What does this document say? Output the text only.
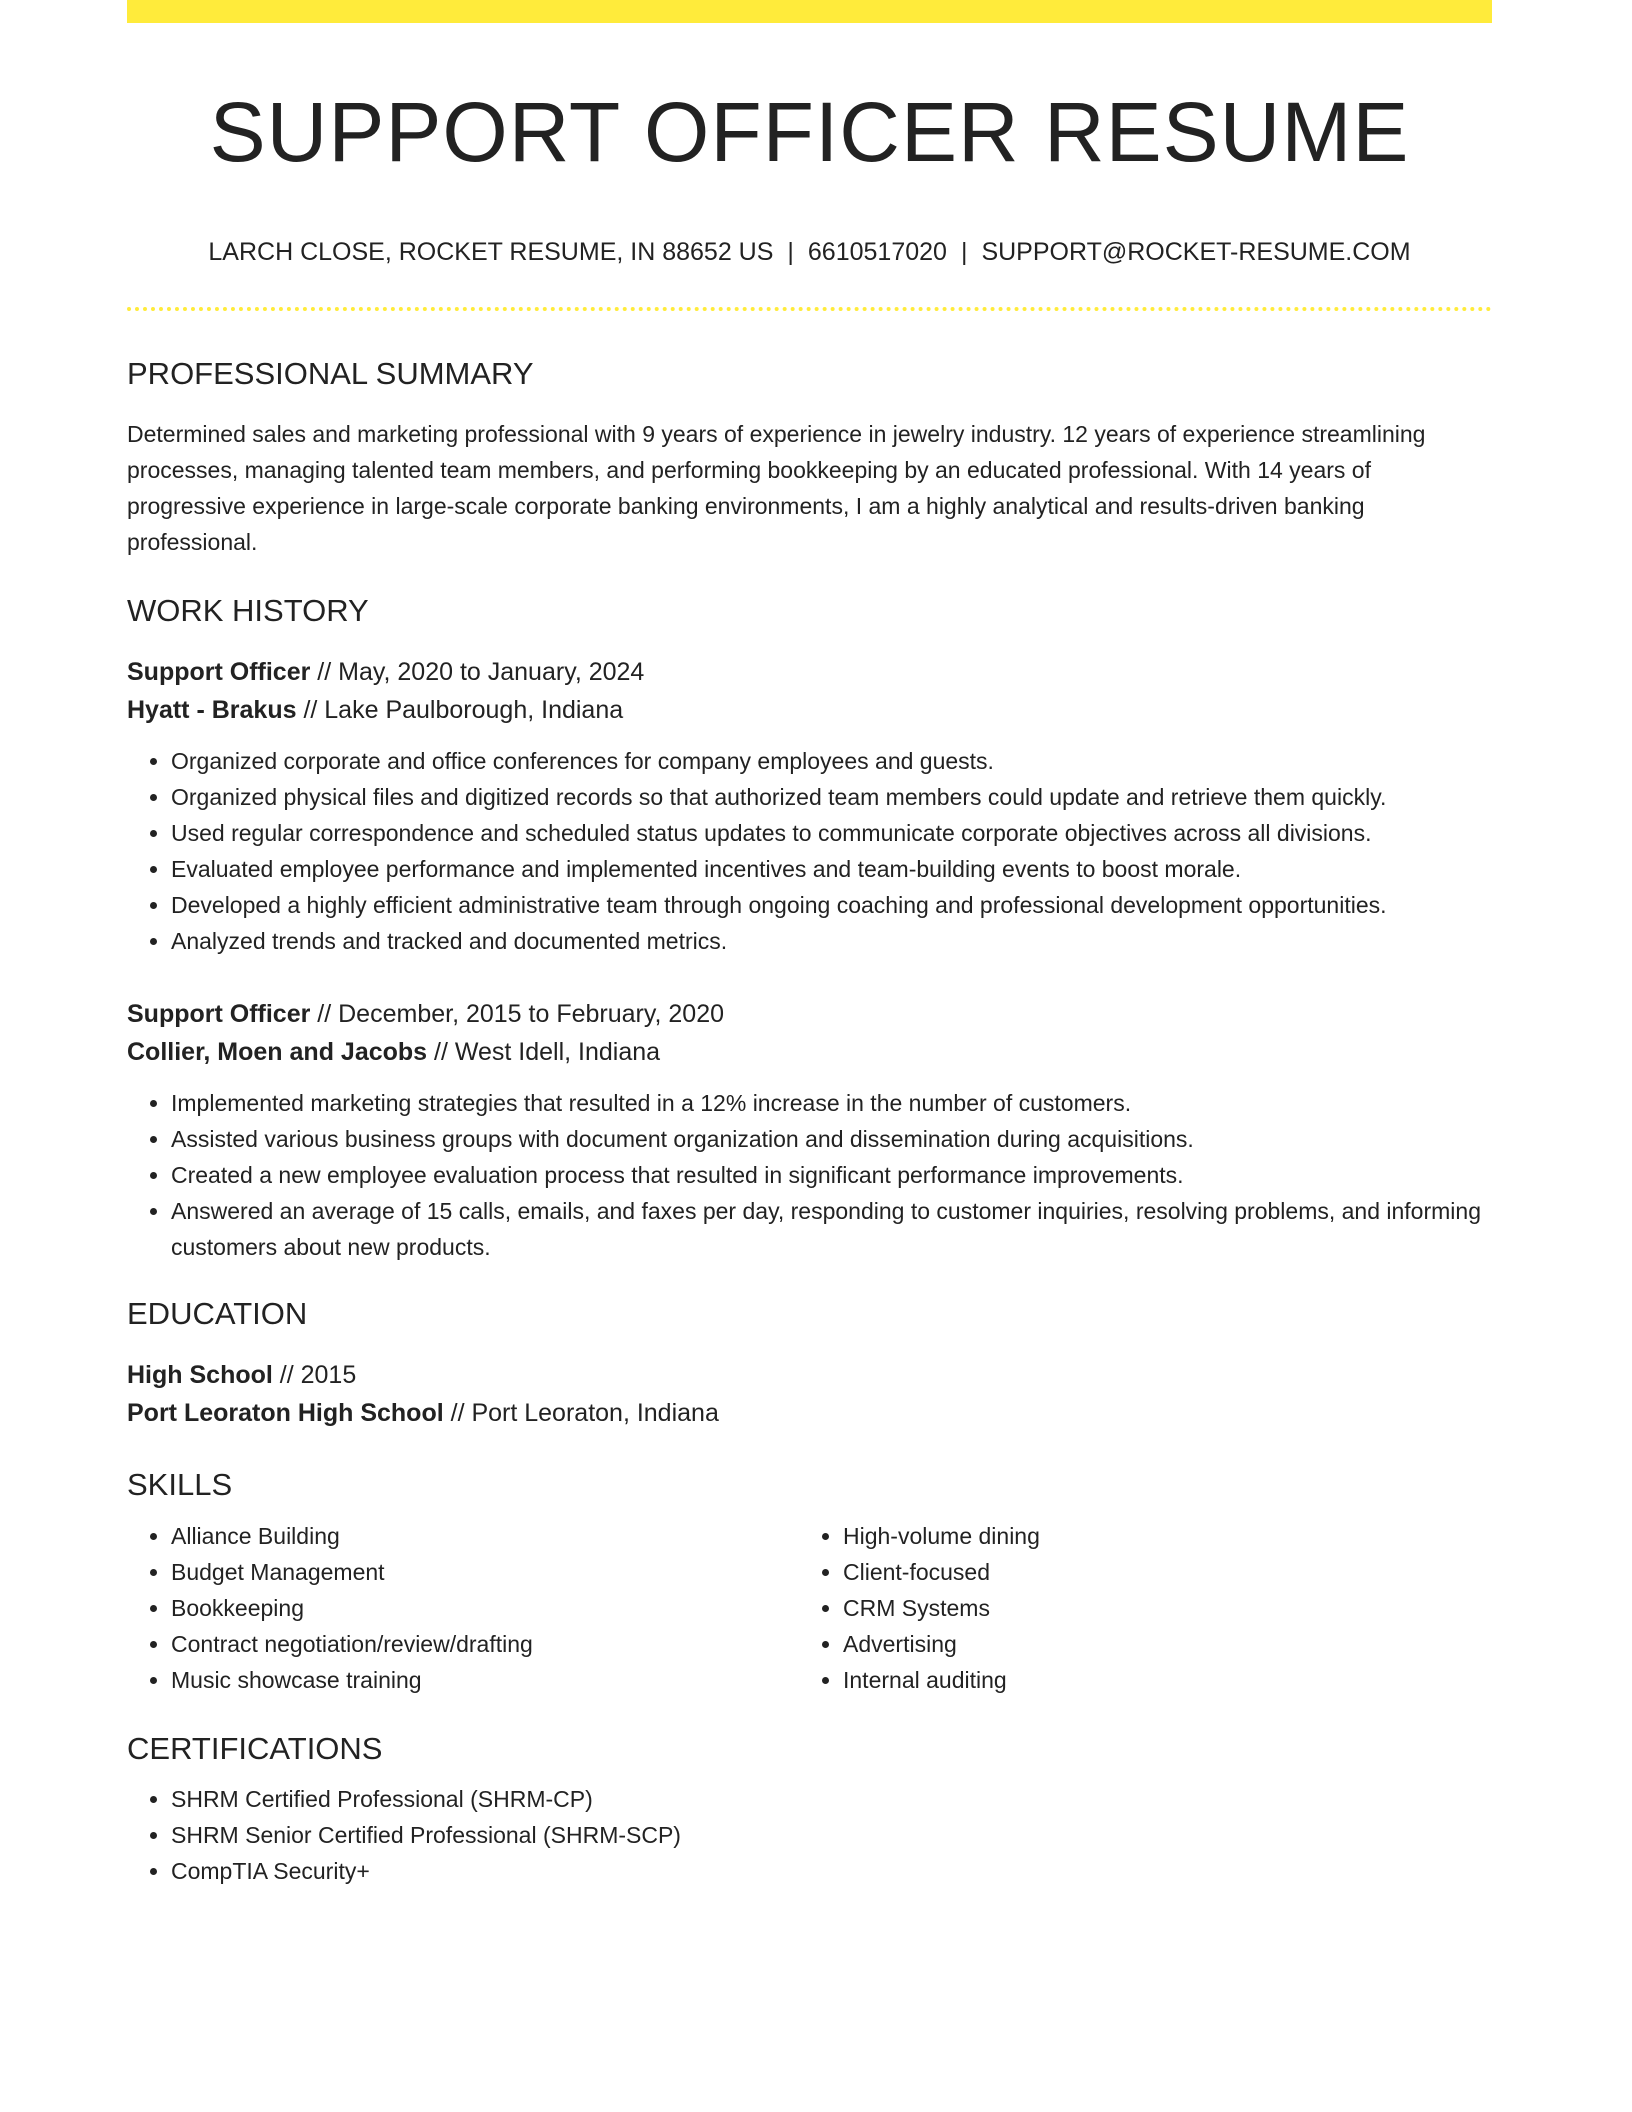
SUPPORT OFFICER RESUME
LARCH CLOSE, ROCKET RESUME, IN 88652 US | 6610517020 | SUPPORT@ROCKET-RESUME.COM
PROFESSIONAL SUMMARY
Determined sales and marketing professional with 9 years of experience in jewelry industry. 12 years of experience streamlining processes, managing talented team members, and performing bookkeeping by an educated professional. With 14 years of progressive experience in large-scale corporate banking environments, I am a highly analytical and results-driven banking professional.
WORK HISTORY
Support Officer // May, 2020 to January, 2024
Hyatt - Brakus // Lake Paulborough, Indiana
• Organized corporate and office conferences for company employees and guests.
• Organized physical files and digitized records so that authorized team members could update and retrieve them quickly.
• Used regular correspondence and scheduled status updates to communicate corporate objectives across all divisions.
• Evaluated employee performance and implemented incentives and team-building events to boost morale.
• Developed a highly efficient administrative team through ongoing coaching and professional development opportunities.
• Analyzed trends and tracked and documented metrics.
Support Officer // December, 2015 to February, 2020
Collier, Moen and Jacobs // West Idell, Indiana
• Implemented marketing strategies that resulted in a 12% increase in the number of customers.
• Assisted various business groups with document organization and dissemination during acquisitions.
• Created a new employee evaluation process that resulted in significant performance improvements.
• Answered an average of 15 calls, emails, and faxes per day, responding to customer inquiries, resolving problems, and informing customers about new products.
EDUCATION
High School // 2015
Port Leoraton High School // Port Leoraton, Indiana
SKILLS
• Alliance Building
• Budget Management
• Bookkeeping
• Contract negotiation/review/drafting
• Music showcase training
• High-volume dining
• Client-focused
• CRM Systems
• Advertising
• Internal auditing
CERTIFICATIONS
• SHRM Certified Professional (SHRM-CP)
• SHRM Senior Certified Professional (SHRM-SCP)
• CompTIA Security+
